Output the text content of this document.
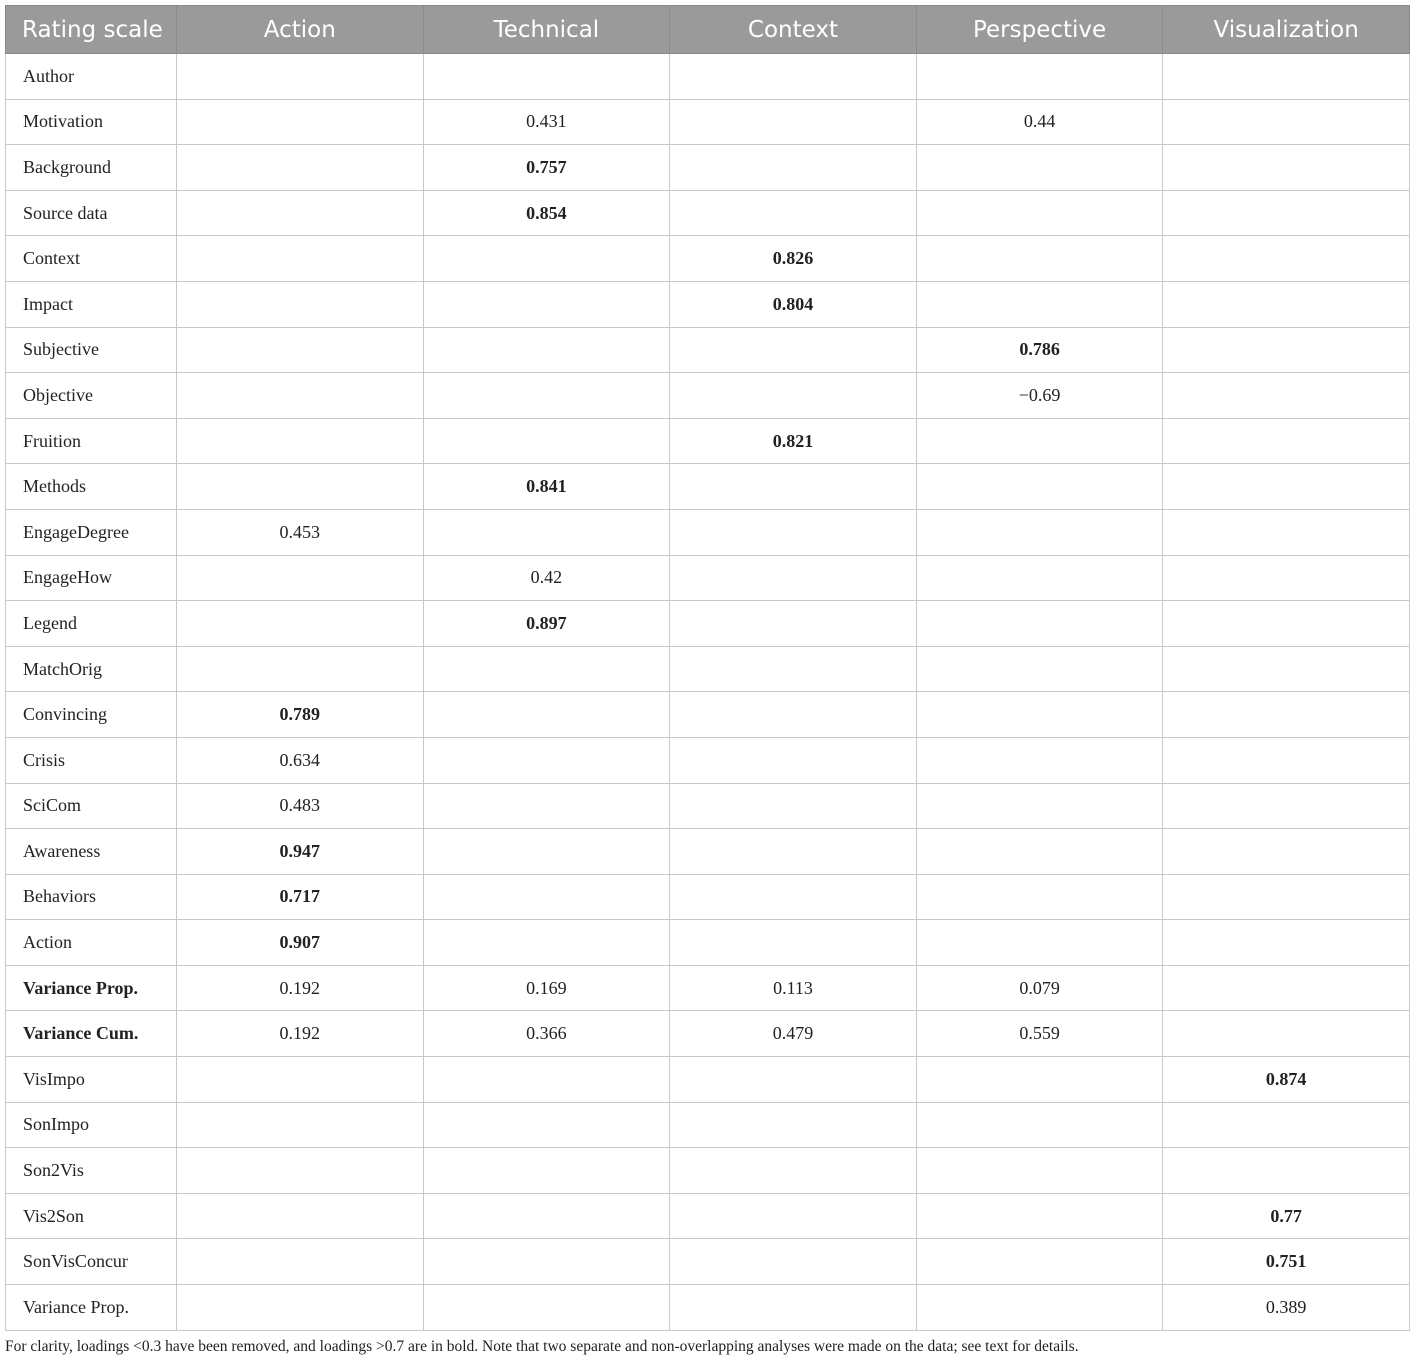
Rating scale	Action	Technical	Context	Perspective	Visualization
Author					
Motivation		0.431		0.44	
Background		0.757			
Source data		0.854			
Context			0.826		
Impact			0.804		
Subjective				0.786	
Objective				−0.69	
Fruition			0.821		
Methods		0.841			
EngageDegree	0.453				
EngageHow		0.42			
Legend		0.897			
MatchOrig					
Convincing	0.789				
Crisis	0.634				
SciCom	0.483				
Awareness	0.947				
Behaviors	0.717				
Action	0.907				
Variance Prop.	0.192	0.169	0.113	0.079	
Variance Cum.	0.192	0.366	0.479	0.559	
VisImpo					0.874
SonImpo					
Son2Vis					
Vis2Son					0.77
SonVisConcur					0.751
Variance Prop.					0.389
For clarity, loadings <0.3 have been removed, and loadings >0.7 are in bold. Note that two separate and non-overlapping analyses were made on the data; see text for details.
